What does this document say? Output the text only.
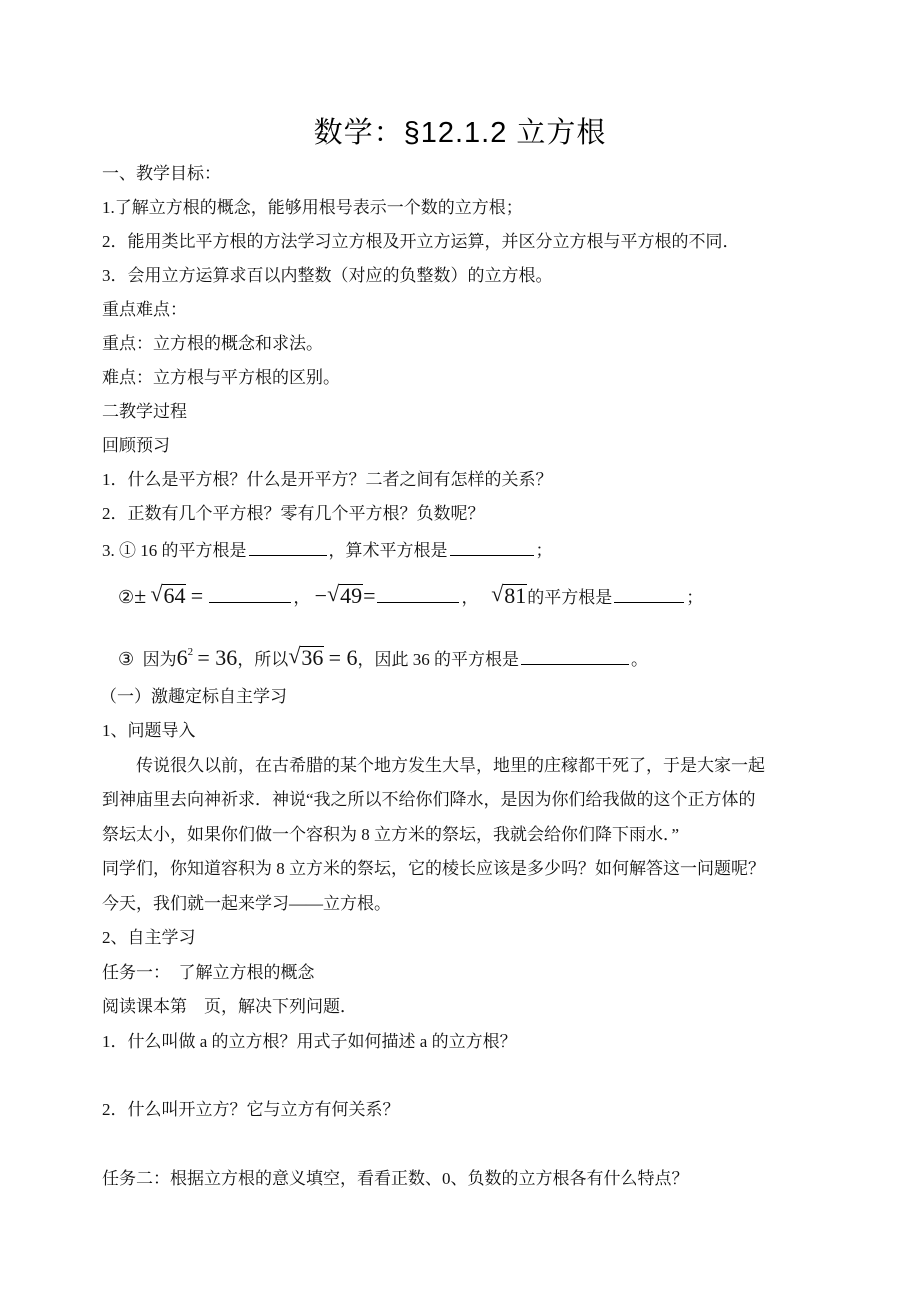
数学：§12.1.2 立方根
一、教学目标：
1.了解立方根的概念，能够用根号表示一个数的立方根；
2．能用类比平方根的方法学习立方根及开立方运算，并区分立方根与平方根的不同．
3．会用立方运算求百以内整数（对应的负整数）的立方根。
重点难点：
重点：立方根的概念和求法。
难点：立方根与平方根的区别。
二教学过程
回顾预习
1．什么是平方根？什么是开平方？二者之间有怎样的关系？
2．正数有几个平方根？零有几个平方根？负数呢？
3. ① 16 的平方根是	，算术平方根是	；
②± √ 64 =	， − √ 49=	， √ 81的平方根是	；
③ 因为$6^2 = 36$，所以 √ 36 = 6，因此 36 的平方根是	。
（一）激趣定标自主学习
1、问题导入
传说很久以前，在古希腊的某个地方发生大旱，地里的庄稼都干死了，于是大家一起
到神庙里去向神祈求．神说“我之所以不给你们降水，是因为你们给我做的这个正方体的
祭坛太小，如果你们做一个容积为 8 立方米的祭坛，我就会给你们降下雨水．”
同学们，你知道容积为 8 立方米的祭坛，它的棱长应该是多少吗？如何解答这一问题呢？
今天，我们就一起来学习——立方根。
2、自主学习
任务一：  了解立方根的概念
阅读课本第    页，解决下列问题．
1．什么叫做 a 的立方根？用式子如何描述 a 的立方根？
2．什么叫开立方？它与立方有何关系？
任务二：根据立方根的意义填空，看看正数、0、负数的立方根各有什么特点？
